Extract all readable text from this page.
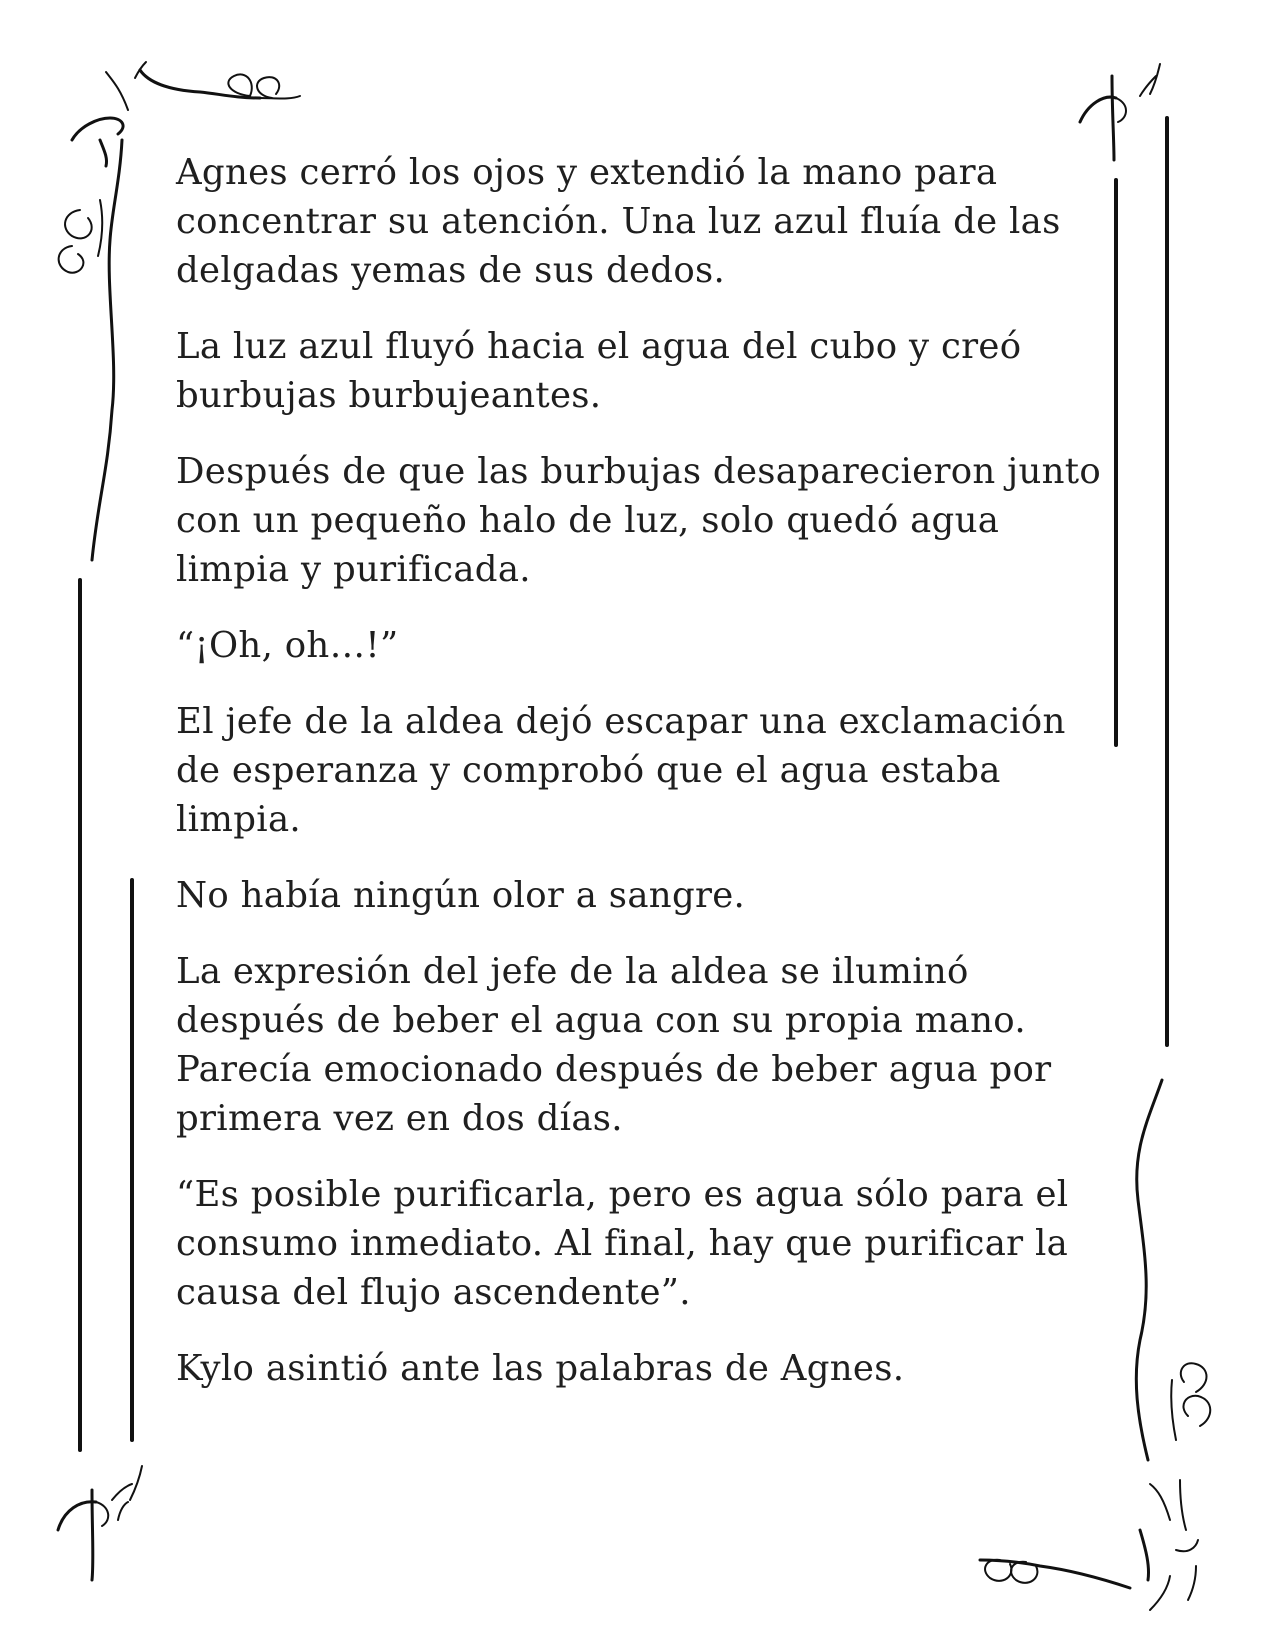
Agnes cerró los ojos y extendió la mano para concentrar su atención. Una luz azul fluía de las delgadas yemas de sus dedos.

La luz azul fluyó hacia el agua del cubo y creó burbujas burbujeantes.

Después de que las burbujas desaparecieron junto con un pequeño halo de luz, solo quedó agua limpia y purificada.

“¡Oh, oh…!”

El jefe de la aldea dejó escapar una exclamación de esperanza y comprobó que el agua estaba limpia.

No había ningún olor a sangre.

La expresión del jefe de la aldea se iluminó después de beber el agua con su propia mano. Parecía emocionado después de beber agua por primera vez en dos días.

“Es posible purificarla, pero es agua sólo para el consumo inmediato. Al final, hay que purificar la causa del flujo ascendente”.

Kylo asintió ante las palabras de Agnes.
